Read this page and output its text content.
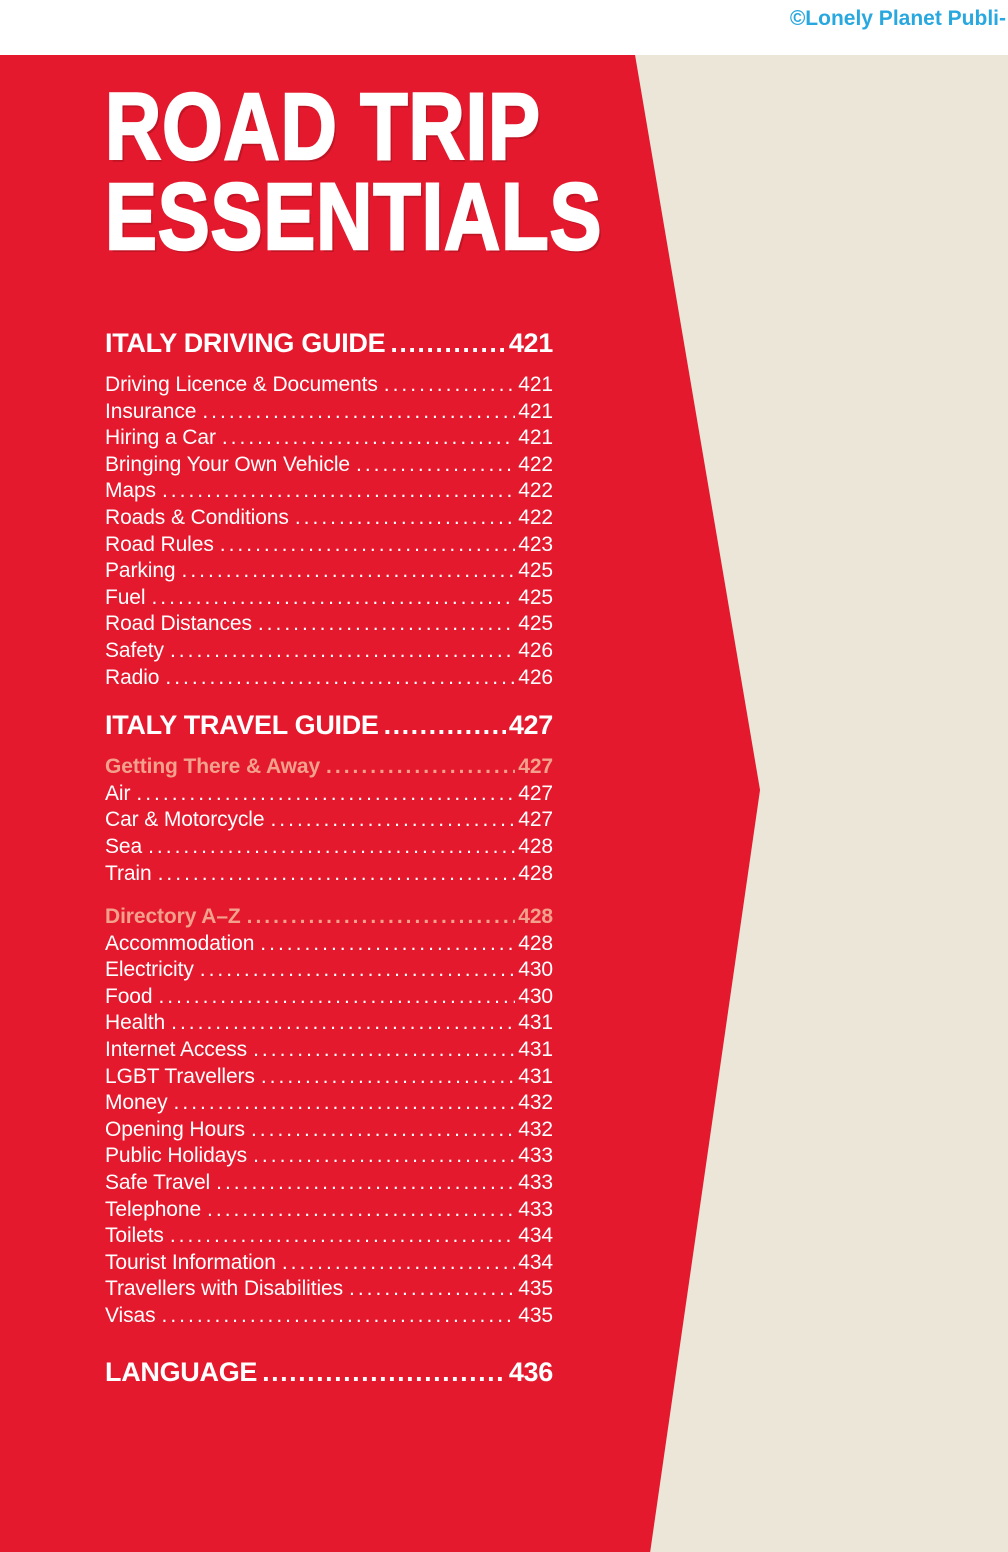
©Lonely Planet Publi-
ROAD TRIP
ESSENTIALS
ITALY DRIVING GUIDE .....	421
Driving Licence & Documents .....	421
Insurance .....	421
Hiring a Car .....	421
Bringing Your Own Vehicle .....	422
Maps .....	422
Roads & Conditions .....	422
Road Rules .....	423
Parking .....	425
Fuel .....	425
Road Distances .....	425
Safety .....	426
Radio .....	426
ITALY TRAVEL GUIDE .....	427
Getting There & Away .....	427
Air .....	427
Car & Motorcycle .....	427
Sea .....	428
Train .....	428
Directory A–Z .....	428
Accommodation .....	428
Electricity .....	430
Food .....	430
Health .....	431
Internet Access .....	431
LGBT Travellers .....	431
Money .....	432
Opening Hours .....	432
Public Holidays .....	433
Safe Travel .....	433
Telephone .....	433
Toilets .....	434
Tourist Information .....	434
Travellers with Disabilities .....	435
Visas .....	435
LANGUAGE .....	436
